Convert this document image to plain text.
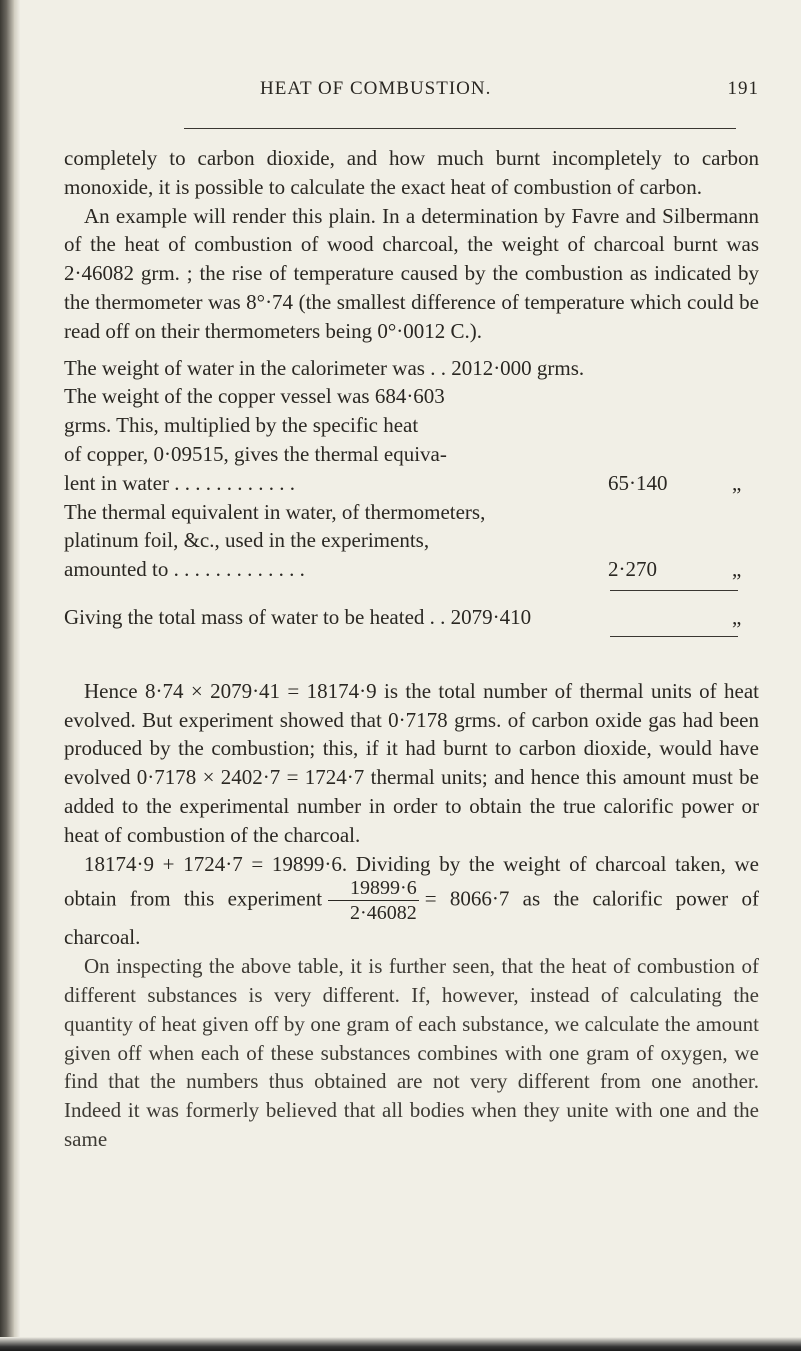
HEAT OF COMBUSTION.	191

completely to carbon dioxide, and how much burnt incompletely to carbon monoxide, it is possible to calculate the exact heat of combustion of carbon.

An example will render this plain. In a determination by Favre and Silbermann of the heat of combustion of wood charcoal, the weight of charcoal burnt was 2·46082 grm. ; the rise of temperature caused by the combustion as indicated by the thermometer was 8°·74 (the smallest difference of temperature which could be read off on their thermometers being 0°·0012 C.).

The weight of water in the calorimeter was . . 2012·000 grms.
The weight of the copper vessel was 684·603
grms. This, multiplied by the specific heat
of copper, 0·09515, gives the thermal equiva-
lent in water . . . . . . . . . . . .	65·140	„
The thermal equivalent in water, of thermometers,
platinum foil, &c., used in the experiments,
amounted to . . . . . . . . . . . . .	2·270	„
Giving the total mass of water to be heated . . 2079·410	„

Hence 8·74 × 2079·41 = 18174·9 is the total number of thermal units of heat evolved. But experiment showed that 0·7178 grms. of carbon oxide gas had been produced by the combustion; this, if it had burnt to carbon dioxide, would have evolved 0·7178 × 2402·7 = 1724·7 thermal units; and hence this amount must be added to the experimental number in order to obtain the true calorific power or heat of combustion of the charcoal.

18174·9 + 1724·7 = 19899·6. Dividing by the weight of charcoal taken, we obtain from this experiment $\frac{19899\cdot 6}{2\cdot 46082} = 8066\cdot 7$ as the calorific power of charcoal.

On inspecting the above table, it is further seen, that the heat of combustion of different substances is very different. If, however, instead of calculating the quantity of heat given off by one gram of each substance, we calculate the amount given off when each of these substances combines with one gram of oxygen, we find that the numbers thus obtained are not very different from one another. Indeed it was formerly believed that all bodies when they unite with one and the same
